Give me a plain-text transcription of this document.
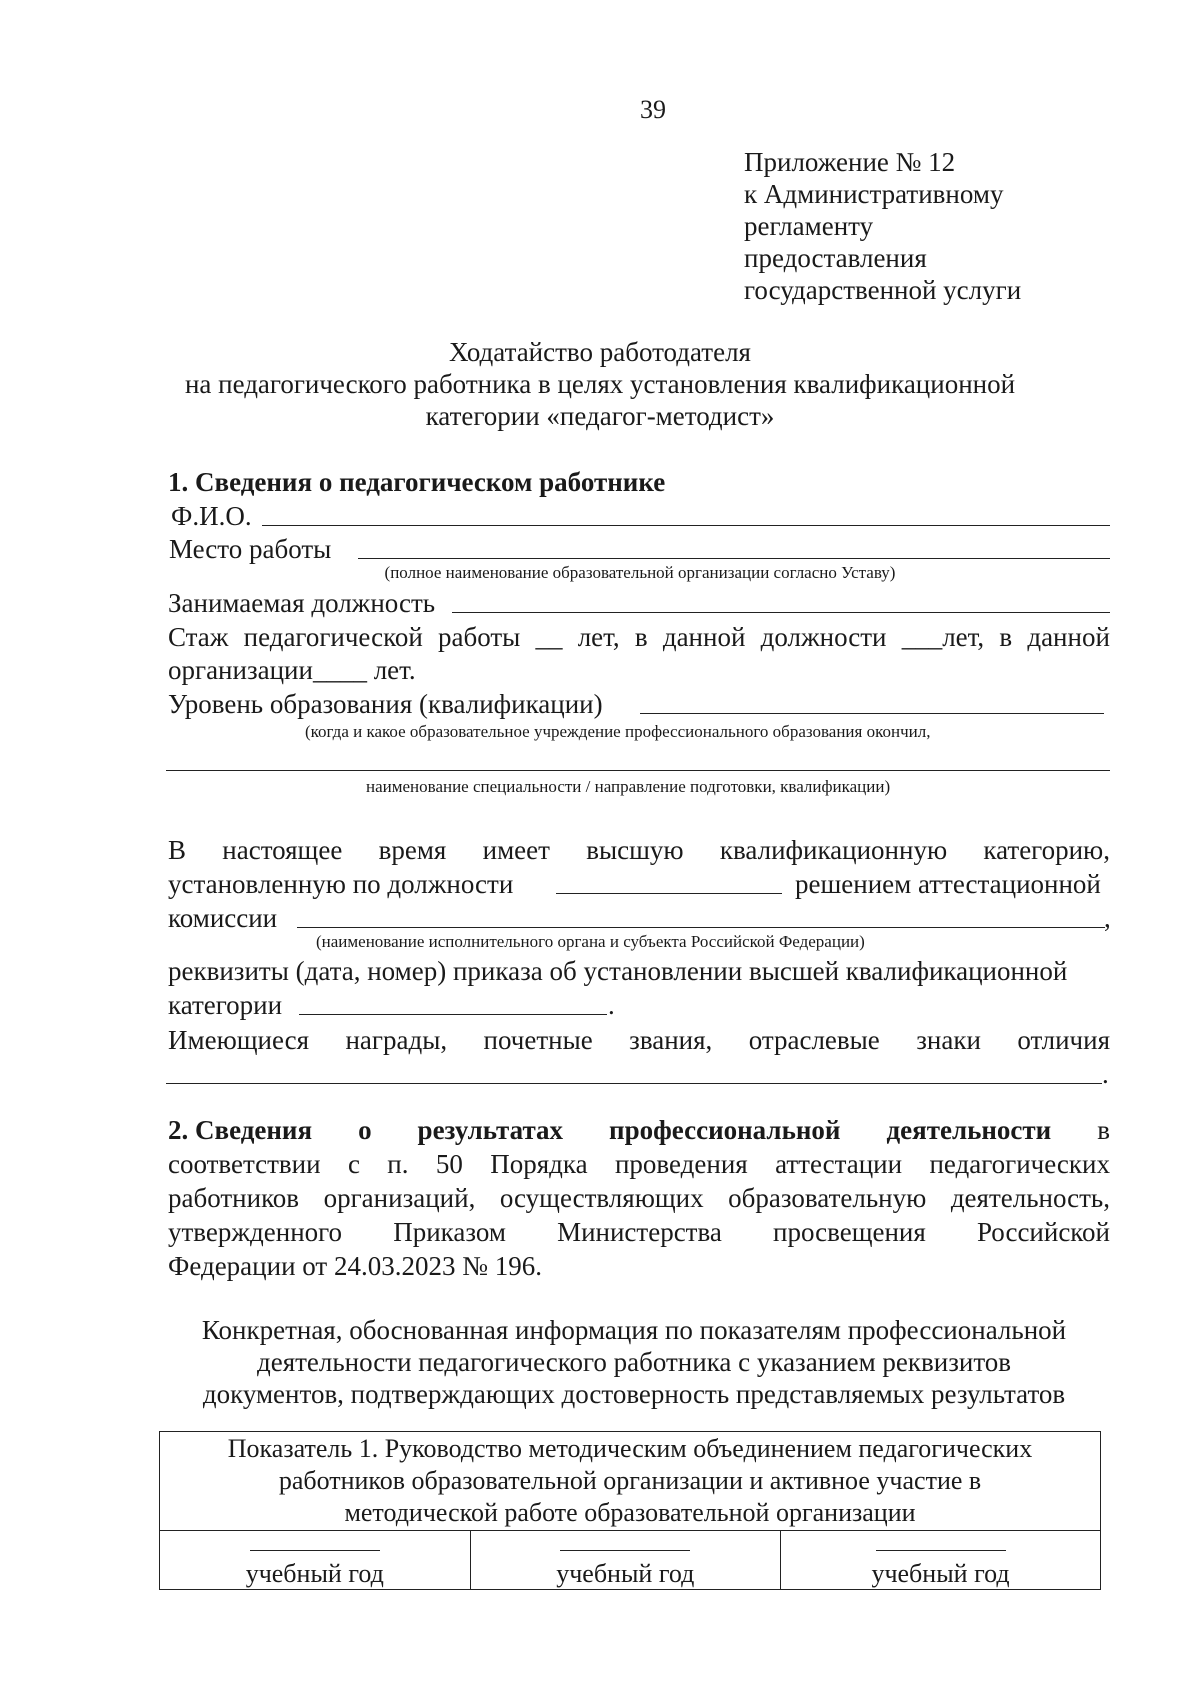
39
Приложение № 12
к Административному
регламенту
предоставления
государственной услуги
Ходатайство работодателя
на педагогического работника в целях установления квалификационной
категории «педагог-методист»
1. Сведения о педагогическом работнике
Ф.И.О.
Место работы
(полное наименование образовательной организации согласно Уставу)
Занимаемая должность
Стаж педагогической работы __ лет, в данной должности ___лет, в данной
организации____ лет.
Уровень образования (квалификации)
(когда и какое образовательное учреждение профессионального образования окончил,
наименование специальности / направление подготовки, квалификации)
В настоящее время имеет высшую квалификационную категорию,
установленную по должности	решением аттестационной
комиссии	,
(наименование исполнительного органа и субъекта Российской Федерации)
реквизиты (дата, номер) приказа об установлении высшей квалификационной
категории	.
Имеющиеся награды, почетные звания, отраслевые знаки отличия
.
2. Сведения о результатах профессиональной деятельности в
соответствии с п. 50 Порядка проведения аттестации педагогических
работников организаций, осуществляющих образовательную деятельность,
утвержденного Приказом Министерства просвещения Российской
Федерации от 24.03.2023 № 196.
Конкретная, обоснованная информация по показателям профессиональной
деятельности педагогического работника с указанием реквизитов
документов, подтверждающих достоверность представляемых результатов
Показатель 1. Руководство методическим объединением педагогических
работников образовательной организации и активное участие в
методической работе образовательной организации

учебный год	учебный год	учебный год
